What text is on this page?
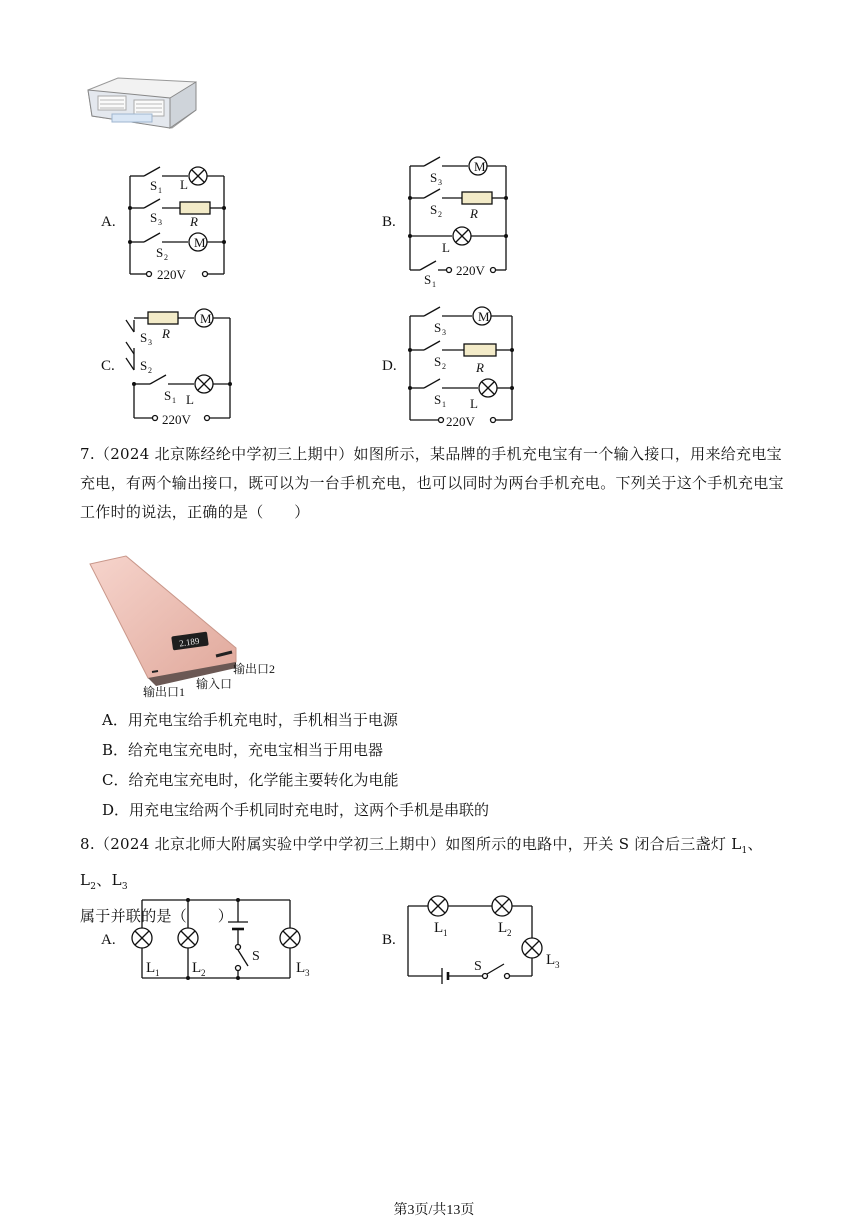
A.	B.
C.	D.
M
S 1 L
S 3 R
S 2
220V
M
S 3
S 2 R
L
S 1
220V
M
S 3
R
S 2
S 1 L
220V
M
S 3
S 2 R
S 1 L
220V
7.（2024 北京陈经纶中学初三上期中）如图所示，某品牌的手机充电宝有一个输入接口，用来给充电宝充电，有两个输出接口，既可以为一台手机充电，也可以同时为两台手机充电。下列关于这个手机充电宝工作时的说法，正确的是（　　）
2.189
输出口2
输入口
输出口1
A．用充电宝给手机充电时，手机相当于电源
B．给充电宝充电时，充电宝相当于用电器
C．给充电宝充电时，化学能主要转化为电能
D．用充电宝给两个手机同时充电时，这两个手机是串联的
8.（2024 北京北师大附属实验中学中学初三上期中）如图所示的电路中，开关 S 闭合后三盏灯 $L_1$、$L_2$、$L_3$
属于并联的是（　　）
A.	B.
S
L 1 L 2	L 3
L 1	L 2
L 3
S
第3页/共13页
